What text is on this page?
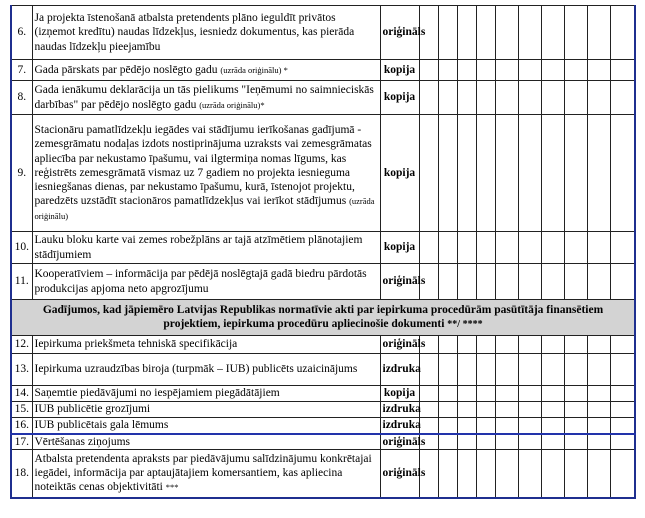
6.	Ja projekta īstenošanā atbalsta pretendents plāno ieguldīt privātos (izņemot kredītu) naudas līdzekļus, iesniedz dokumentus, kas pierāda naudas līdzekļu pieejamību	oriģināls										
7.	Gada pārskats par pēdējo noslēgto gadu (uzrāda oriģinālu) *	kopija										
8.	Gada ienākumu deklarācija un tās pielikums "Ieņēmumi no saimnieciskās darbības" par pēdējo noslēgto gadu (uzrāda oriģinālu)*	kopija										
9.	Stacionāru pamatlīdzekļu iegādes vai stādījumu ierīkošanas gadījumā - zemesgrāmatu nodaļas izdots nostiprinājuma uzraksts vai zemesgrāmatas apliecība par nekustamo īpašumu, vai ilgtermiņa nomas līgums, kas reģistrēts zemesgrāmatā vismaz uz 7 gadiem no projekta iesnieguma iesniegšanas dienas, par nekustamo īpašumu, kurā, īstenojot projektu, paredzēts uzstādīt stacionāros pamatlīdzekļus vai ierīkot stādījumus (uzrāda oriģinālu)	kopija										
10.	Lauku bloku karte vai zemes robežplāns ar tajā atzīmētiem plānotajiem stādījumiem	kopija										
11.	Kooperatīviem – informācija par pēdējā noslēgtajā gadā biedru pārdotās produkcijas apjoma neto apgrozījumu	oriģināls										
Gadījumos, kad jāpiemēro Latvijas Republikas normatīvie akti par iepirkuma procedūrām pasūtītāja finansētiem projektiem, iepirkuma procedūru apliecinošie dokumenti **/ ****												
12.	Iepirkuma priekšmeta tehniskā specifikācija	oriģināls										
13.	Iepirkuma uzraudzības biroja (turpmāk – IUB) publicēts uzaicinājums	izdruka										
14.	Saņemtie piedāvājumi no iespējamiem piegādātājiem	kopija										
15.	IUB publicētie grozījumi	izdruka										
16.	IUB publicētais gala lēmums	izdruka										
17.	Vērtēšanas ziņojums	oriģināls										
18.	Atbalsta pretendenta apraksts par piedāvājumu salīdzinājumu konkrētajai iegādei, informācija par aptaujātajiem komersantiem, kas apliecina noteiktās cenas objektivitāti ***	oriģināls										
